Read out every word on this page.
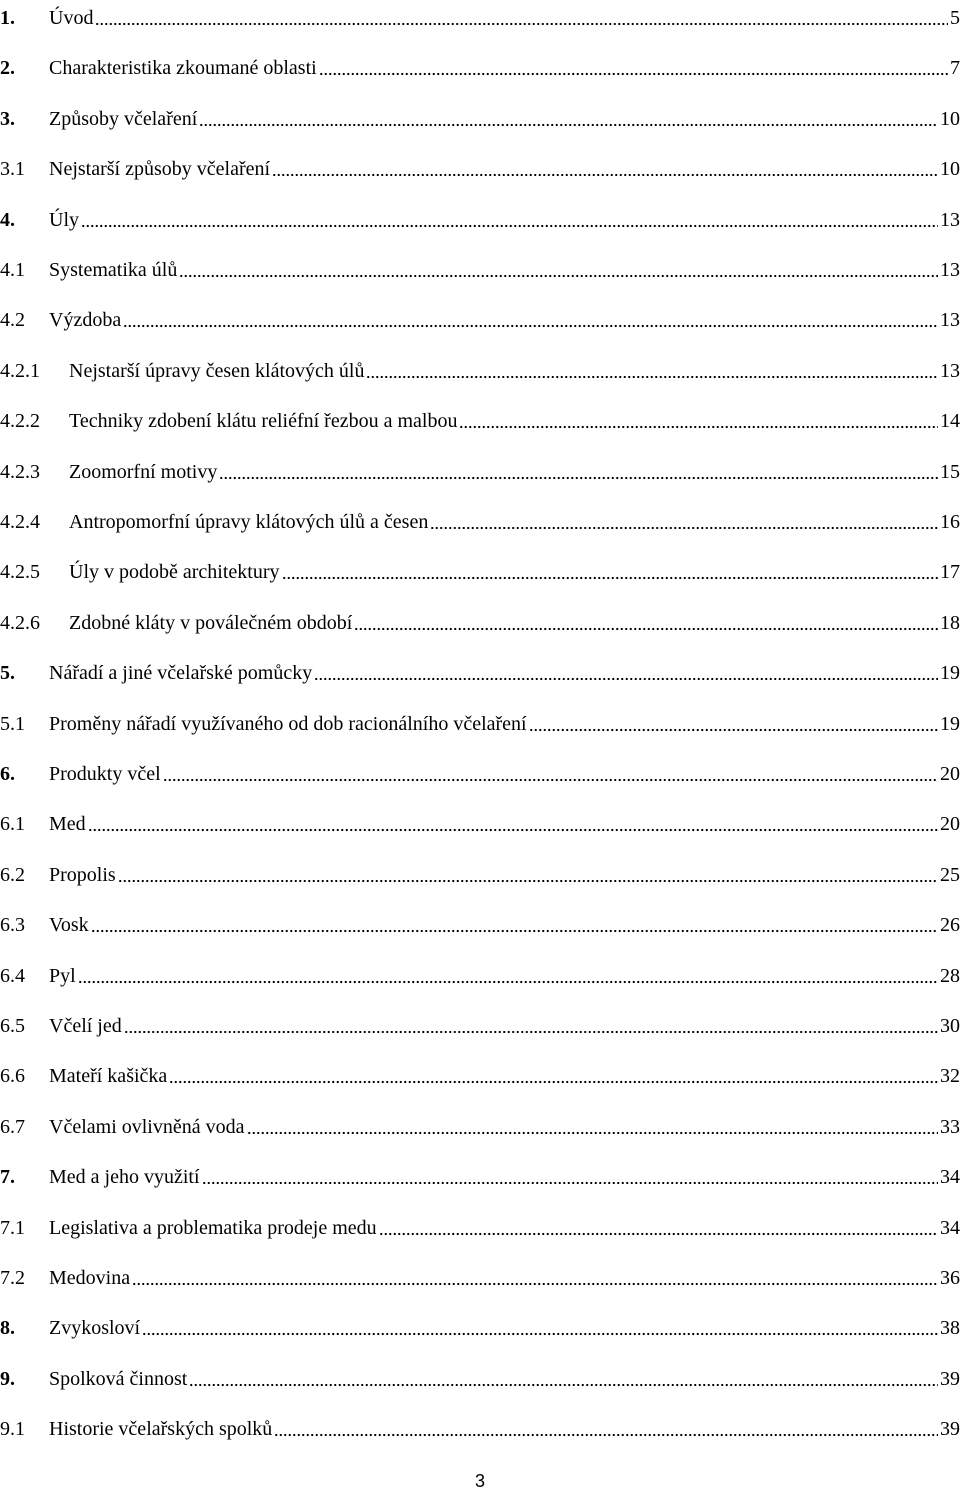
1.	Úvod	5
2.	Charakteristika zkoumané oblasti	7
3.	Způsoby včelaření	10
3.1	Nejstarší způsoby včelaření	10
4.	Úly	13
4.1	Systematika úlů	13
4.2	Výzdoba	13
4.2.1	Nejstarší úpravy česen klátových úlů	13
4.2.2	Techniky zdobení klátu reliéfní řezbou a malbou	14
4.2.3	Zoomorfní motivy	15
4.2.4	Antropomorfní úpravy klátových úlů a česen	16
4.2.5	Úly v podobě architektury	17
4.2.6	Zdobné kláty v poválečném období	18
5.	Nářadí a jiné včelařské pomůcky	19
5.1	Proměny nářadí využívaného od dob racionálního včelaření	19
6.	Produkty včel	20
6.1	Med	20
6.2	Propolis	25
6.3	Vosk	26
6.4	Pyl	28
6.5	Včelí jed	30
6.6	Mateří kašička	32
6.7	Včelami ovlivněná voda	33
7.	Med a jeho využití	34
7.1	Legislativa a problematika prodeje medu	34
7.2	Medovina	36
8.	Zvykosloví	38
9.	Spolková činnost	39
9.1	Historie včelařských spolků	39
3
